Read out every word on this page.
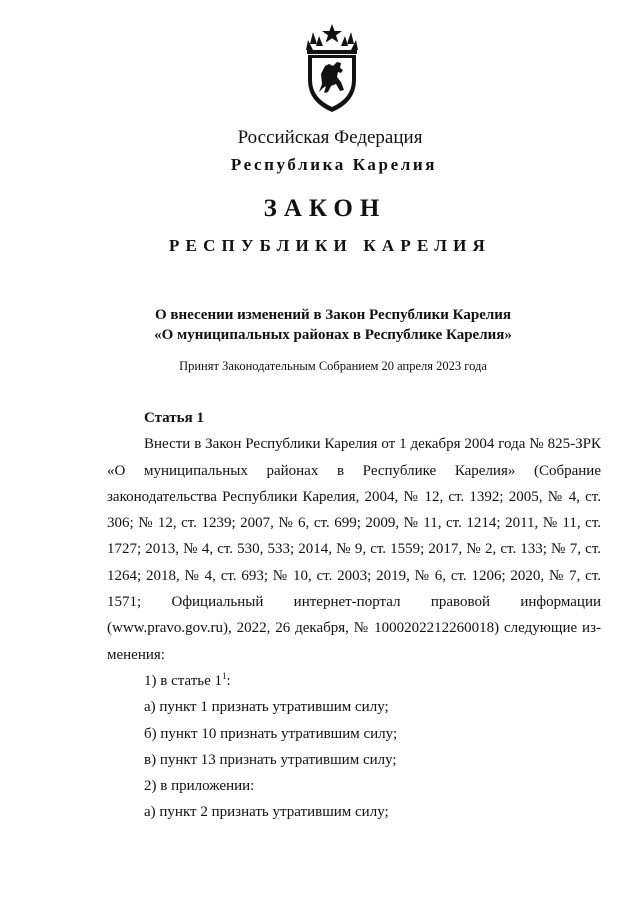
Российская Федерация
Республика Карелия
ЗАКОН
РЕСПУБЛИКИ КАРЕЛИЯ
О внесении изменений в Закон Республики Карелия
«О муниципальных районах в Республике Карелия»
Принят Законодательным Собранием 20 апреля 2023 года

Статья 1

Внести в Закон Республики Карелия от 1 декабря 2004 года № 825-ЗРК «О муниципальных районах в Республике Карелия» (Собрание законодательства Республики Карелия, 2004, № 12, ст. 1392; 2005, № 4, ст. 306; № 12, ст. 1239; 2007, № 6, ст. 699; 2009, № 11, ст. 1214; 2011, № 11, ст. 1727; 2013, № 4, ст. 530, 533; 2014, № 9, ст. 1559; 2017, № 2, ст. 133; № 7, ст. 1264; 2018, № 4, ст. 693; № 10, ст. 2003; 2019, № 6, ст. 1206; 2020, № 7, ст. 1571; Официальный интернет-портал правовой информации (www.pravo.gov.ru), 2022, 26 декабря, № 1000202212260018) следующие изменения:

1) в статье $1^1$:

а) пункт 1 признать утратившим силу;

б) пункт 10 признать утратившим силу;

в) пункт 13 признать утратившим силу;

2) в приложении:

а) пункт 2 признать утратившим силу;
